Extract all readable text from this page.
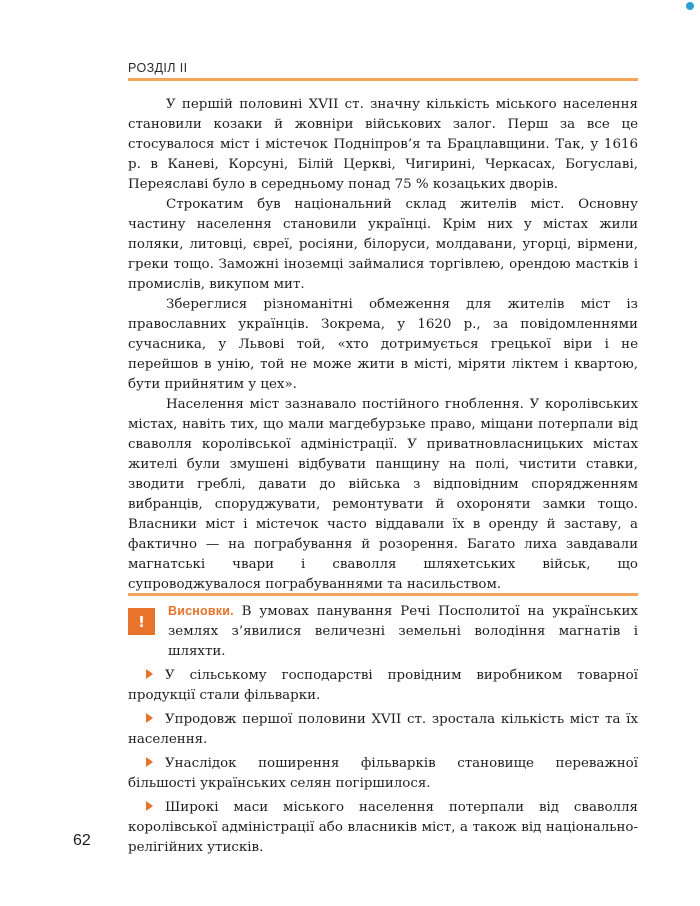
РОЗДІЛ II

У першій половині XVII ст. значну кількість міського населення становили козаки й жовніри військових залог. Перш за все це стосувалося міст і містечок Подніпров’я та Брацлавщини. Так, у 1616 р. в Каневі, Корсуні, Білій Церкві, Чигирині, Черкасах, Богуславі, Переяславі було в середньому понад 75 % козацьких дворів.

Строкатим був національний склад жителів міст. Основну частину населення становили українці. Крім них у містах жили поляки, литовці, євреї, росіяни, білоруси, молдавани, угорці, вірмени, греки тощо. Заможні іноземці займалися торгівлею, орендою мастків і промислів, викупом мит.

Збереглися різноманітні обмеження для жителів міст із православних українців. Зокрема, у 1620 р., за повідомленнями сучасника, у Львові той, «хто дотримується грецької віри і не перейшов в унію, той не може жити в місті, міряти ліктем і квартою, бути прийнятим у цех».

Населення міст зазнавало постійного гноблення. У королівських містах, навіть тих, що мали магдебурзьке право, міщани потерпали від сваволля королівської адміністрації. У приватновласницьких містах жителі були змушені відбувати панщину на полі, чистити ставки, зводити греблі, давати до війська з відповідним спорядженням вибранців, споруджувати, ремонтувати й охороняти замки тощо. Власники міст і містечок часто віддавали їх в оренду й заставу, а фактично — на пограбування й розорення. Багато лиха завдавали магнатські чвари і сваволля шляхетських військ, що супроводжувалося пограбуваннями та насильством.

!

Висновки. В умовах панування Речі Посполитої на українських землях з’явилися величезні земельні володіння магнатів і шляхти.

У сільському господарстві провідним виробником товарної продукції стали фільварки.
Упродовж першої половини XVII ст. зростала кількість міст та їх населення.
Унаслідок поширення фільварків становище переважної більшості українських селян погіршилося.
Широкі маси міського населення потерпали від сваволля королівської адміністрації або власників міст, а також від національно-релігійних утисків.
62
